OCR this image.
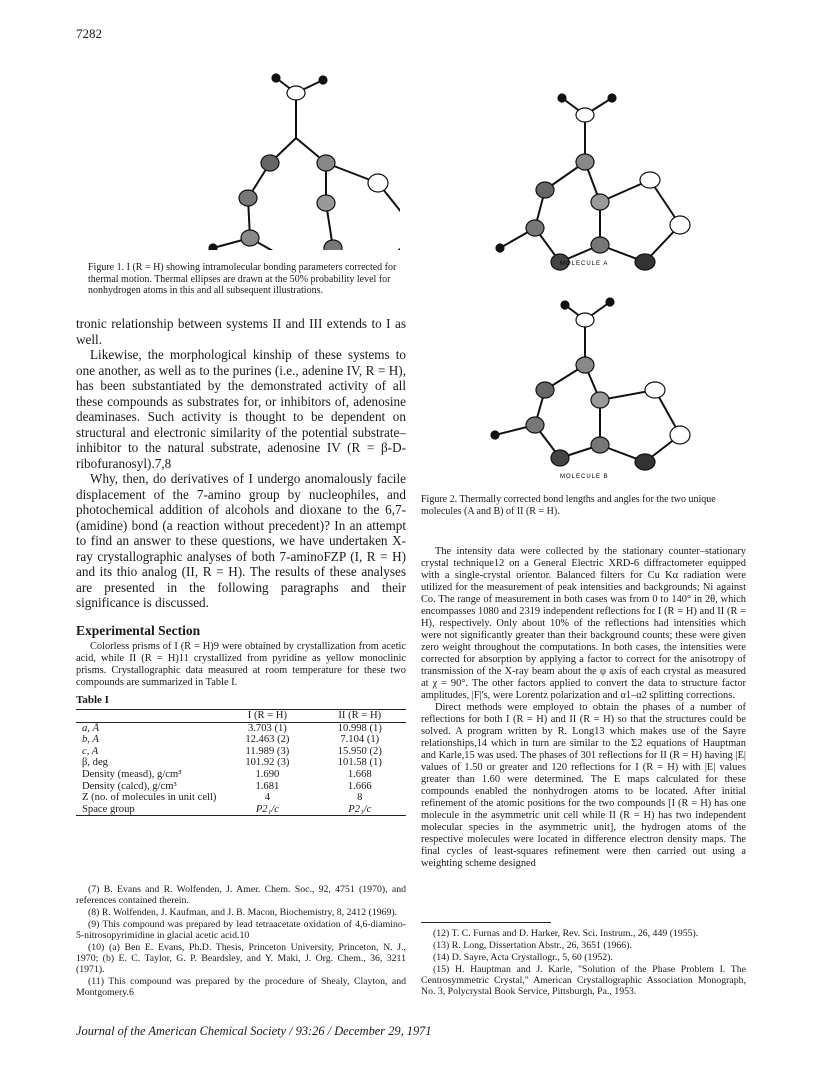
7282
Figure 1. I (R = H) showing intramolecular bonding parameters corrected for thermal motion. Thermal ellipses are drawn at the 50% probability level for nonhydrogen atoms in this and all subsequent illustrations.
MOLECULE A
MOLECULE B
Figure 2. Thermally corrected bond lengths and angles for the two unique molecules (A and B) of II (R = H).

tronic relationship between systems II and III extends to I as well.

Likewise, the morphological kinship of these systems to one another, as well as to the purines (i.e., adenine IV, R = H), has been substantiated by the demonstrated activity of all these compounds as substrates for, or inhibitors of, adenosine deaminases. Such activity is thought to be dependent on structural and electronic similarity of the potential substrate–inhibitor to the natural substrate, adenosine IV (R = β-D-ribofuranosyl).7,8

Why, then, do derivatives of I undergo anomalously facile displacement of the 7-amino group by nucleophiles, and photochemical addition of alcohols and dioxane to the 6,7-(amidine) bond (a reaction without precedent)? In an attempt to find an answer to these questions, we have undertaken X-ray crystallographic analyses of both 7-aminoFZP (I, R = H) and its thio analog (II, R = H). The results of these analyses are presented in the following paragraphs and their significance is discussed.

Experimental Section

Colorless prisms of I (R = H)9 were obtained by crystallization from acetic acid, while II (R = H)11 crystallized from pyridine as yellow monoclinic prisms. Crystallographic data measured at room temperature for these two compounds are summarized in Table I.

Table I
	I (R = H)	II (R = H)
a, Å	3.703 (1)	10.998 (1)
b, A	12.463 (2)	7.104 (1)
c, A	11.989 (3)	15.950 (2)
β, deg	101.92 (3)	101.58 (1)
Density (measd), g/cm³	1.690	1.668
Density (calcd), g/cm³	1.681	1.666
Z (no. of molecules in unit cell)	4	8
Space group	P2₁/c	P2₁/c

(7) B. Evans and R. Wolfenden, J. Amer. Chem. Soc., 92, 4751 (1970), and references contained therein.

(8) R. Wolfenden, J. Kaufman, and J. B. Macon, Biochemistry, 8, 2412 (1969).

(9) This compound was prepared by lead tetraacetate oxidation of 4,6-diamino-5-nitrosopyrimidine in glacial acetic acid.10

(10) (a) Ben E. Evans, Ph.D. Thesis, Princeton University, Princeton, N. J., 1970; (b) E. C. Taylor, G. P. Beardsley, and Y. Maki, J. Org. Chem., 36, 3211 (1971).

(11) This compound was prepared by the procedure of Shealy, Clayton, and Montgomery.6

The intensity data were collected by the stationary counter–stationary crystal technique12 on a General Electric XRD-6 diffractometer equipped with a single-crystal orientor. Balanced filters for Cu Kα radiation were utilized for the measurement of peak intensities and backgrounds; Ni against Co. The range of measurement in both cases was from 0 to 140° in 2θ, which encompasses 1080 and 2319 independent reflections for I (R = H) and II (R = H), respectively. Only about 10% of the reflections had intensities which were not significantly greater than their background counts; these were given zero weight throughout the computations. In both cases, the intensities were corrected for absorption by applying a factor to correct for the anisotropy of transmission of the X-ray beam about the φ axis of each crystal as measured at χ = 90°. The other factors applied to convert the data to structure factor amplitudes, |F|'s, were Lorentz polarization and α1–α2 splitting corrections.

Direct methods were employed to obtain the phases of a number of reflections for both I (R = H) and II (R = H) so that the structures could be solved. A program written by R. Long13 which makes use of the Sayre relationships,14 which in turn are similar to the Σ2 equations of Hauptman and Karle,15 was used. The phases of 301 reflections for II (R = H) having |E| values of 1.50 or greater and 120 reflections for I (R = H) with |E| values greater than 1.60 were determined. The E maps calculated for these compounds enabled the nonhydrogen atoms to be located. After initial refinement of the atomic positions for the two compounds [I (R = H) has one molecule in the asymmetric unit cell while II (R = H) has two independent molecular species in the asymmetric unit], the hydrogen atoms of the respective molecules were located in difference electron density maps. The final cycles of least-squares refinement were then carried out using a weighting scheme designed

(12) T. C. Furnas and D. Harker, Rev. Sci. Instrum., 26, 449 (1955).

(13) R. Long, Dissertation Abstr., 26, 3651 (1966).

(14) D. Sayre, Acta Crystallogr., 5, 60 (1952).

(15) H. Hauptman and J. Karle, "Solution of the Phase Problem I. The Centrosymmetric Crystal," American Crystallographic Association Monograph, No. 3, Polycrystal Book Service, Pittsburgh, Pa., 1953.

Journal of the American Chemical Society / 93:26 / December 29, 1971
